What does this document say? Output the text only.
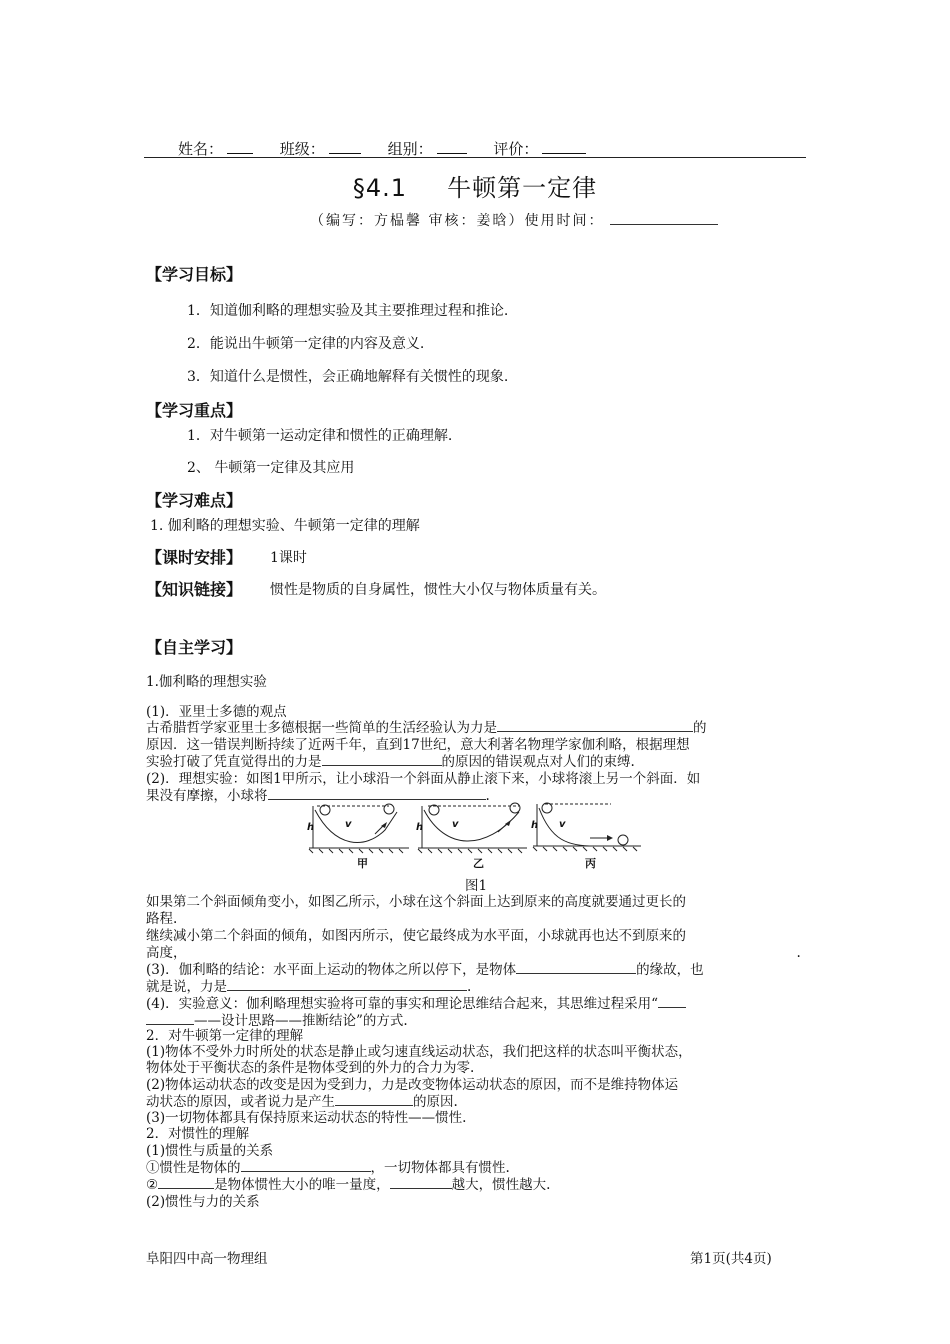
姓名：	班级：	组别：	评价：
§4.1 牛顿第一定律
（编写：方榀馨 审核：姜晗）使用时间：
【学习目标】
1．知道伽利略的理想实验及其主要推理过程和推论.
2．能说出牛顿第一定律的内容及意义.
3．知道什么是惯性，会正确地解释有关惯性的现象.
【学习重点】
1．对牛顿第一运动定律和惯性的正确理解.
2、 牛顿第一定律及其应用
【学习难点】
1. 伽利略的理想实验、牛顿第一定律的理解
【课时安排】 1课时
【知识链接】 惯性是物质的自身属性，惯性大小仅与物体质量有关。
【自主学习】
1.伽利略的理想实验
(1)．亚里士多德的观点
古希腊哲学家亚里士多德根据一些简单的生活经验认为力是	的
原因．这一错误判断持续了近两千年，直到17世纪，意大利著名物理学家伽利略，根据理想
实验打破了凭直觉得出的力是	的原因的错误观点对人们的束缚.
(2)．理想实验：如图1甲所示，让小球沿一个斜面从静止滚下来，小球将滚上另一个斜面．如
果没有摩擦，小球将	.
h	v	h	v	h v
甲	乙	丙
图1
如果第二个斜面倾角变小，如图乙所示，小球在这个斜面上达到原来的高度就要通过更长的
路程.
继续减小第二个斜面的倾角，如图丙所示，使它最终成为水平面，小球就再也达不到原来的
高度，	.
(3)．伽利略的结论：水平面上运动的物体之所以停下，是物体	的缘故，也
就是说，力是	.
(4)．实验意义：伽利略理想实验将可靠的事实和理论思维结合起来，其思维过程采用“
——设计思路——推断结论”的方式.
2．对牛顿第一定律的理解
(1)物体不受外力时所处的状态是静止或匀速直线运动状态，我们把这样的状态叫平衡状态，
物体处于平衡状态的条件是物体受到的外力的合力为零.
(2)物体运动状态的改变是因为受到力，力是改变物体运动状态的原因，而不是维持物体运
动状态的原因，或者说力是产生	的原因.
(3)一切物体都具有保持原来运动状态的特性——惯性.
2．对惯性的理解
(1)惯性与质量的关系
①惯性是物体的	，一切物体都具有惯性.
②	是物体惯性大小的唯一量度，	越大，惯性越大.
(2)惯性与力的关系
阜阳四中高一物理组	第1页(共4页)
